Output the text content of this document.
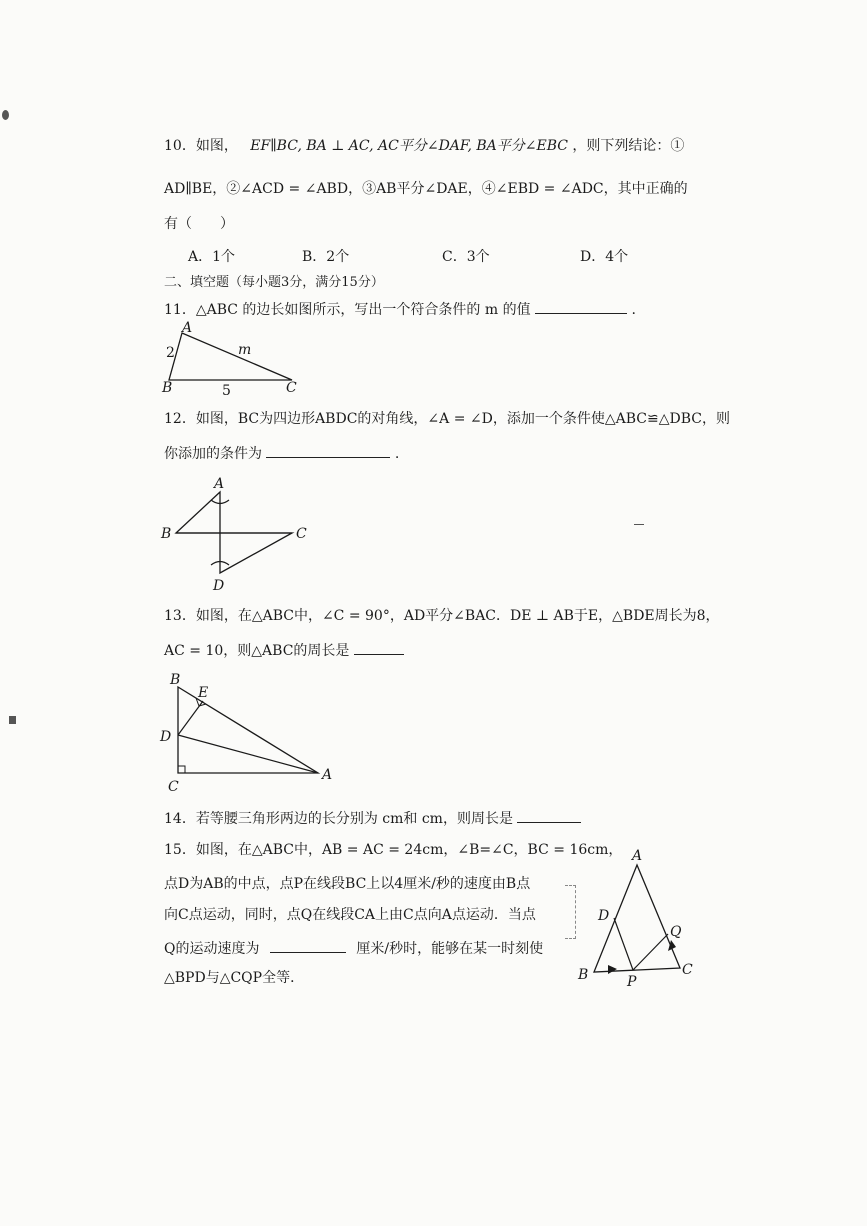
10．如图， EF∥BC, BA ⊥ AC, AC平分∠DAF, BA平分∠EBC ，则下列结论：①
AD∥BE，②∠ACD = ∠ABD，③AB平分∠DAE，④∠EBD = ∠ADC，其中正确的
有（　　）
A．1个	B．2个	C．3个	D．4个
二、填空题（每小题3分，满分15分）
11．△ABC 的边长如图所示，写出一个符合条件的 m 的值	.
A
B	C
2	m
5
12．如图，BC为四边形ABDC的对角线，∠A = ∠D，添加一个条件使△ABC≌△DBC，则
你添加的条件为	.
A
B	C
D
13．如图，在△ABC中，∠C = 90°，AD平分∠BAC．DE ⊥ AB于E，△BDE周长为8，
AC = 10，则△ABC的周长是
B
E
D
C
A
14．若等腰三角形两边的长分别为 cm和 cm，则周长是
15．如图，在△ABC中，AB = AC = 24cm，∠B=∠C，BC = 16cm，
点D为AB的中点，点P在线段BC上以4厘米/秒的速度由B点
向C点运动，同时，点Q在线段CA上由C点向A点运动．当点
Q的运动速度为	厘米/秒时，能够在某一时刻使
△BPD与△CQP全等．
A
D
Q
B	P
C
